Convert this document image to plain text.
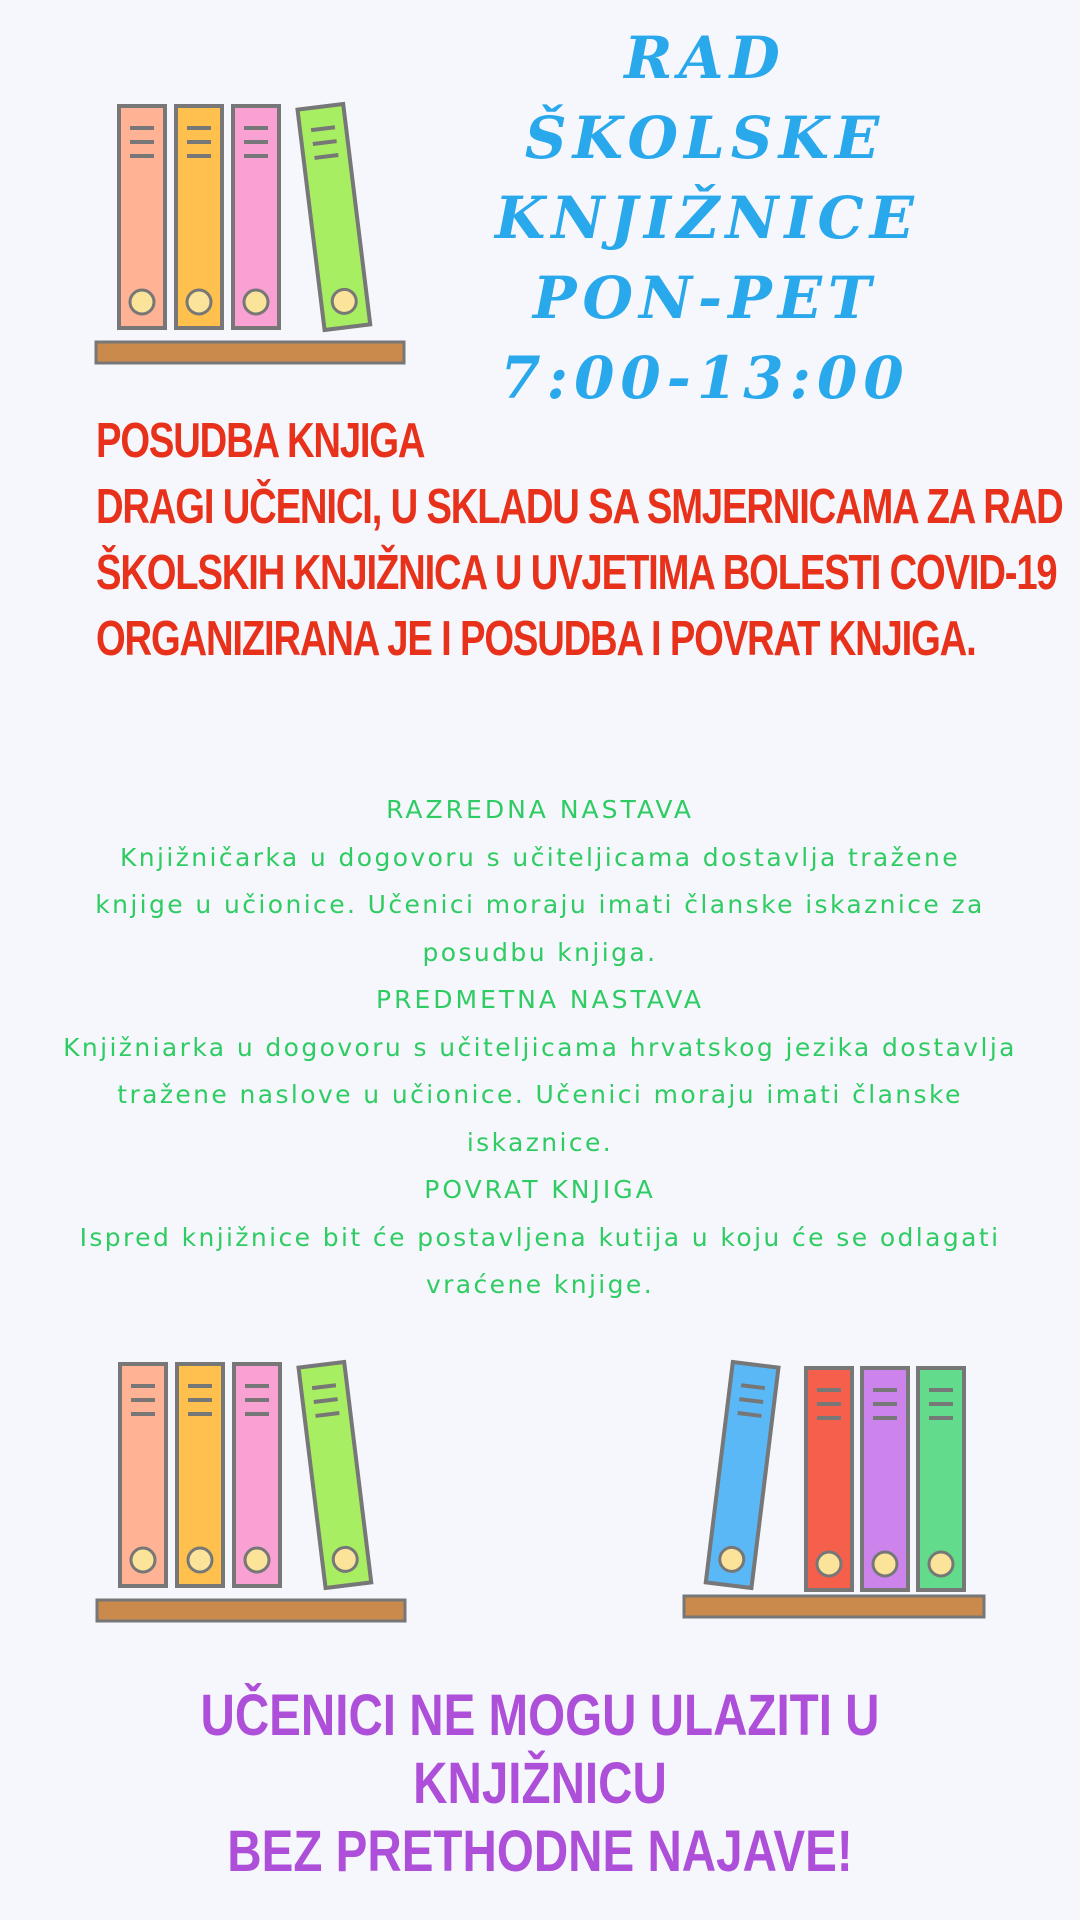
RAD
ŠKOLSKE
KNJIŽNICE
PON-PET
7:00-13:00
POSUDBA KNJIGA
DRAGI UČENICI, U SKLADU SA SMJERNICAMA ZA RAD
ŠKOLSKIH KNJIŽNICA U UVJETIMA BOLESTI COVID-19
ORGANIZIRANA JE I POSUDBA I POVRAT KNJIGA.
RAZREDNA NASTAVA
Knjižničarka u dogovoru s učiteljicama dostavlja tražene
knjige u učionice. Učenici moraju imati članske iskaznice za
posudbu knjiga.
PREDMETNA NASTAVA
Knjižniarka u dogovoru s učiteljicama hrvatskog jezika dostavlja
tražene naslove u učionice. Učenici moraju imati članske
iskaznice.
POVRAT KNJIGA
Ispred knjižnice bit će postavljena kutija u koju će se odlagati
vraćene knjige.
UČENICI NE MOGU ULAZITI U KNJIŽNICU
BEZ PRETHODNE NAJAVE!
